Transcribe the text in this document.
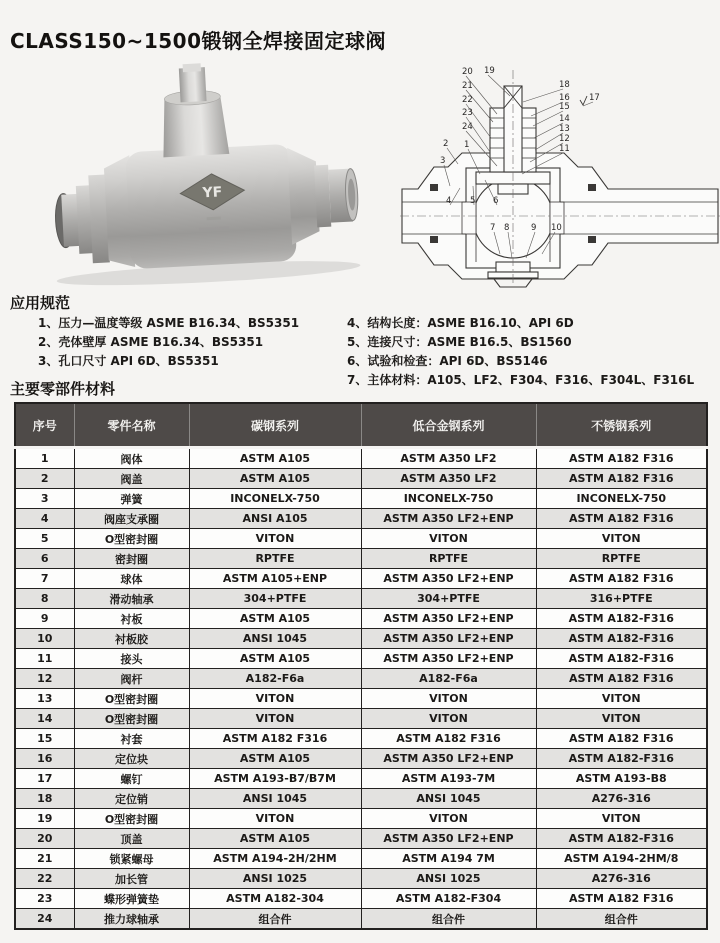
CLASS150~1500锻钢全焊接固定球阀
YF
20 19
21
22
23
24
2 1
3
4 5 6
7 8	9 10
18
16
15
14
13
12
11
17
应用规范
1、压力—温度等级 ASME B16.34、BS5351
2、壳体壁厚 ASME B16.34、BS5351
3、孔口尺寸 API 6D、BS5351
4、结构长度：ASME B16.10、API 6D
5、连接尺寸：ASME B16.5、BS1560
6、试验和检查：API 6D、BS5146
7、主体材料：A105、LF2、F304、F316、F304L、F316L
主要零部件材料
序号	零件名称	碳钢系列	低合金钢系列	不锈钢系列
1	阀体	ASTM A105	ASTM A350 LF2	ASTM A182 F316
2	阀盖	ASTM A105	ASTM A350 LF2	ASTM A182 F316
3	弹簧	INCONELX-750	INCONELX-750	INCONELX-750
4	阀座支承圈	ANSI A105	ASTM A350 LF2+ENP	ASTM A182 F316
5	O型密封圈	VITON	VITON	VITON
6	密封圈	RPTFE	RPTFE	RPTFE
7	球体	ASTM A105+ENP	ASTM A350 LF2+ENP	ASTM A182 F316
8	滑动轴承	304+PTFE	304+PTFE	316+PTFE
9	衬板	ASTM A105	ASTM A350 LF2+ENP	ASTM A182-F316
10	衬板胶	ANSI 1045	ASTM A350 LF2+ENP	ASTM A182-F316
11	接头	ASTM A105	ASTM A350 LF2+ENP	ASTM A182-F316
12	阀杆	A182-F6a	A182-F6a	ASTM A182 F316
13	O型密封圈	VITON	VITON	VITON
14	O型密封圈	VITON	VITON	VITON
15	衬套	ASTM A182 F316	ASTM A182 F316	ASTM A182 F316
16	定位块	ASTM A105	ASTM A350 LF2+ENP	ASTM A182-F316
17	螺钉	ASTM A193-B7/B7M	ASTM A193-7M	ASTM A193-B8
18	定位销	ANSI 1045	ANSI 1045	A276-316
19	O型密封圈	VITON	VITON	VITON
20	顶盖	ASTM A105	ASTM A350 LF2+ENP	ASTM A182-F316
21	锁紧螺母	ASTM A194-2H/2HM	ASTM A194 7M	ASTM A194-2HM/8
22	加长管	ANSI 1025	ANSI 1025	A276-316
23	蝶形弹簧垫	ASTM A182-304	ASTM A182-F304	ASTM A182 F316
24	推力球轴承	组合件	组合件	组合件
